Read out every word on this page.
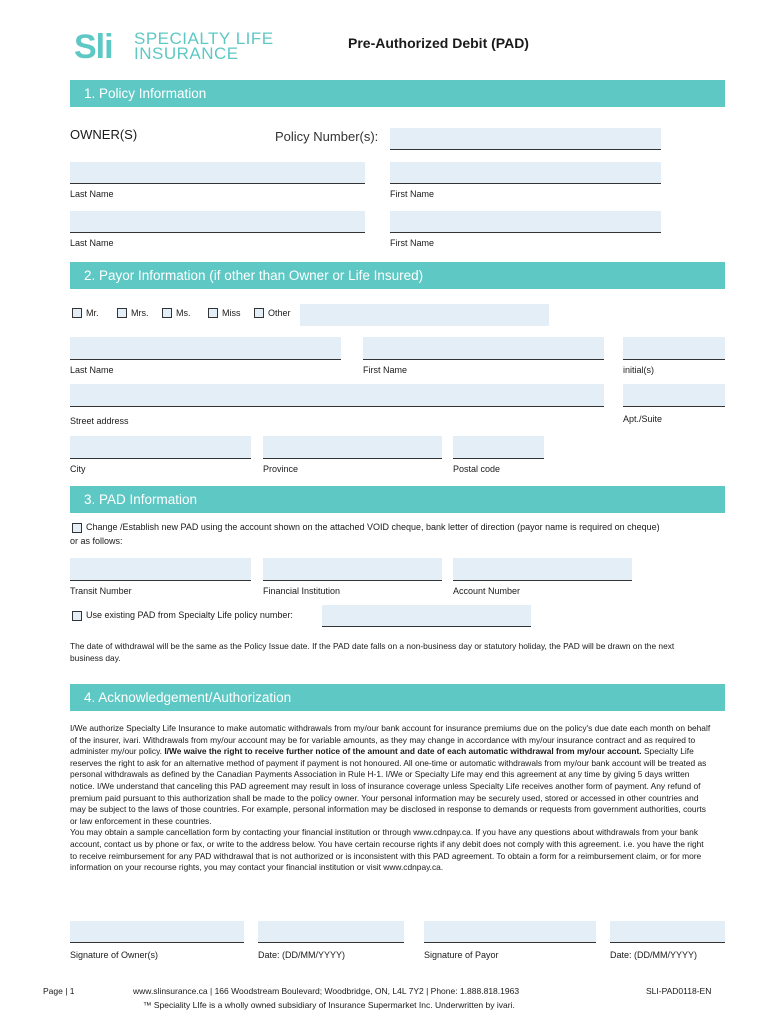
Sli SPECIALTY LIFE
INSURANCE
Pre-Authorized Debit (PAD)
1. Policy Information
OWNER(S)	Policy Number(s):
Last Name	First Name
Last Name	First Name
2. Payor Information (if other than Owner or Life Insured)
Mr.	Mrs.	Ms.	Miss	Other
Last Name	First Name	initial(s)
Street address	Apt./Suite
City	Province	Postal code
3. PAD Information
Change /Establish new PAD using the account shown on the attached VOID cheque, bank letter of direction (payor name is required on cheque)
or as follows:
Transit Number	Financial Institution	Account Number
Use existing PAD from Specialty Life policy number:
The date of withdrawal will be the same as the Policy Issue date. If the PAD date falls on a non-business day or statutory holiday, the PAD will be drawn on the next business day.
4. Acknowledgement/Authorization
I/We authorize Specialty Life Insurance to make automatic withdrawals from my/our bank account for insurance premiums due on the policy's due date each month on behalf of the insurer, ivari. Withdrawals from my/our account may be for variable amounts, as they may change in accordance with my/our insurance contract and as required to administer my/our policy. I/We waive the right to receive further notice of the amount and date of each automatic withdrawal from my/our account. Specialty Life reserves the right to ask for an alternative method of payment if payment is not honoured. All one-time or automatic withdrawals from my/our bank account will be treated as personal withdrawals as defined by the Canadian Payments Association in Rule H-1. I/We or Specialty Life may end this agreement at any time by giving 5 days written notice. I/We understand that canceling this PAD agreement may result in loss of insurance coverage unless Specialty Life receives another form of payment. Any refund of premium paid pursuant to this authorization shall be made to the policy owner. Your personal information may be securely used, stored or accessed in other countries and may be subject to the laws of those countries. For example, personal information may be disclosed in response to demands or requests from government authorities, courts or law enforcement in these countries.
You may obtain a sample cancellation form by contacting your financial institution or through www.cdnpay.ca. If you have any questions about withdrawals from your bank account, contact us by phone or fax, or write to the address below. You have certain recourse rights if any debit does not comply with this agreement. i.e. you have the right to receive reimbursement for any PAD withdrawal that is not authorized or is inconsistent with this PAD agreement. To obtain a form for a reimbursement claim, or for more information on your recourse rights, you may contact your financial institution or visit www.cdnpay.ca.
Signature of Owner(s)	Date: (DD/MM/YYYY)	Signature of Payor	Date: (DD/MM/YYYY)
Page | 1	www.slinsurance.ca | 166 Woodstream Boulevard; Woodbridge, ON, L4L 7Y2 | Phone: 1.888.818.1963	SLI-PAD0118-EN
™ Speciality LIfe is a wholly owned subsidiary of Insurance Supermarket Inc. Underwritten by ivari.
